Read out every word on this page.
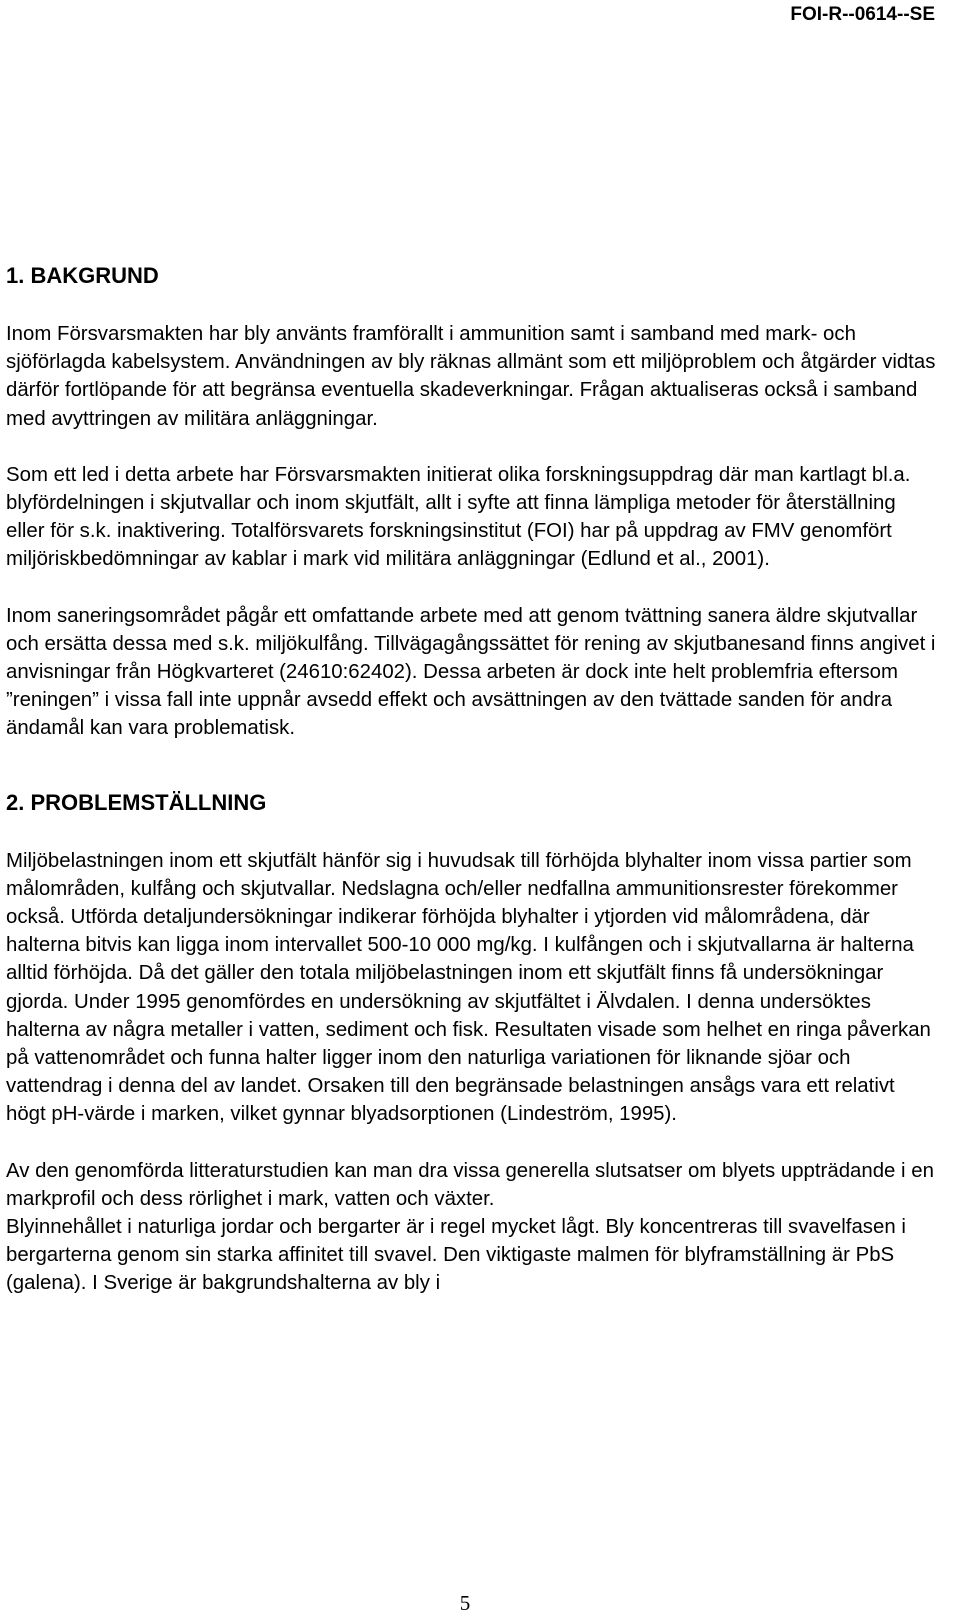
FOI-R--0614--SE
1. BAKGRUND

Inom Försvarsmakten har bly använts framförallt i ammunition samt i samband med mark- och sjöförlagda kabelsystem. Användningen av bly räknas allmänt som ett miljöproblem och åtgärder vidtas därför fortlöpande för att begränsa eventuella skadeverkningar. Frågan aktualiseras också i samband med avyttringen av militära anläggningar.

Som ett led i detta arbete har Försvarsmakten initierat olika forskningsuppdrag där man kartlagt bl.a. blyfördelningen i skjutvallar och inom skjutfält, allt i syfte att finna lämpliga metoder för återställning eller för s.k. inaktivering. Totalförsvarets forskningsinstitut (FOI) har på uppdrag av FMV genomfört miljöriskbedömningar av kablar i mark vid militära anläggningar (Edlund et al., 2001).

Inom saneringsområdet pågår ett omfattande arbete med att genom tvättning sanera äldre skjutvallar och ersätta dessa med s.k. miljökulfång. Tillvägagångssättet för rening av skjutbanesand finns angivet i anvisningar från Högkvarteret (24610:62402). Dessa arbeten är dock inte helt problemfria eftersom ”reningen” i vissa fall inte uppnår avsedd effekt och avsättningen av den tvättade sanden för andra ändamål kan vara problematisk.

2. PROBLEMSTÄLLNING

Miljöbelastningen inom ett skjutfält hänför sig i huvudsak till förhöjda blyhalter inom vissa partier som målområden, kulfång och skjutvallar. Nedslagna och/eller nedfallna ammunitionsrester förekommer också. Utförda detaljundersökningar indikerar förhöjda blyhalter i ytjorden vid målområdena, där halterna bitvis kan ligga inom intervallet 500-10 000 mg/kg. I kulfången och i skjutvallarna är halterna alltid förhöjda. Då det gäller den totala miljöbelastningen inom ett skjutfält finns få undersökningar gjorda. Under 1995 genomfördes en undersökning av skjutfältet i Älvdalen. I denna undersöktes halterna av några metaller i vatten, sediment och fisk. Resultaten visade som helhet en ringa påverkan på vattenområdet och funna halter ligger inom den naturliga variationen för liknande sjöar och vattendrag i denna del av landet. Orsaken till den begränsade belastningen ansågs vara ett relativt högt pH-värde i marken, vilket gynnar blyadsorptionen (Lindeström, 1995).

Av den genomförda litteraturstudien kan man dra vissa generella slutsatser om blyets uppträdande i en markprofil och dess rörlighet i mark, vatten och växter.

Blyinnehållet i naturliga jordar och bergarter är i regel mycket lågt. Bly koncentreras till svavelfasen i bergarterna genom sin starka affinitet till svavel. Den viktigaste malmen för blyframställning är PbS (galena). I Sverige är bakgrundshalterna av bly i

5
